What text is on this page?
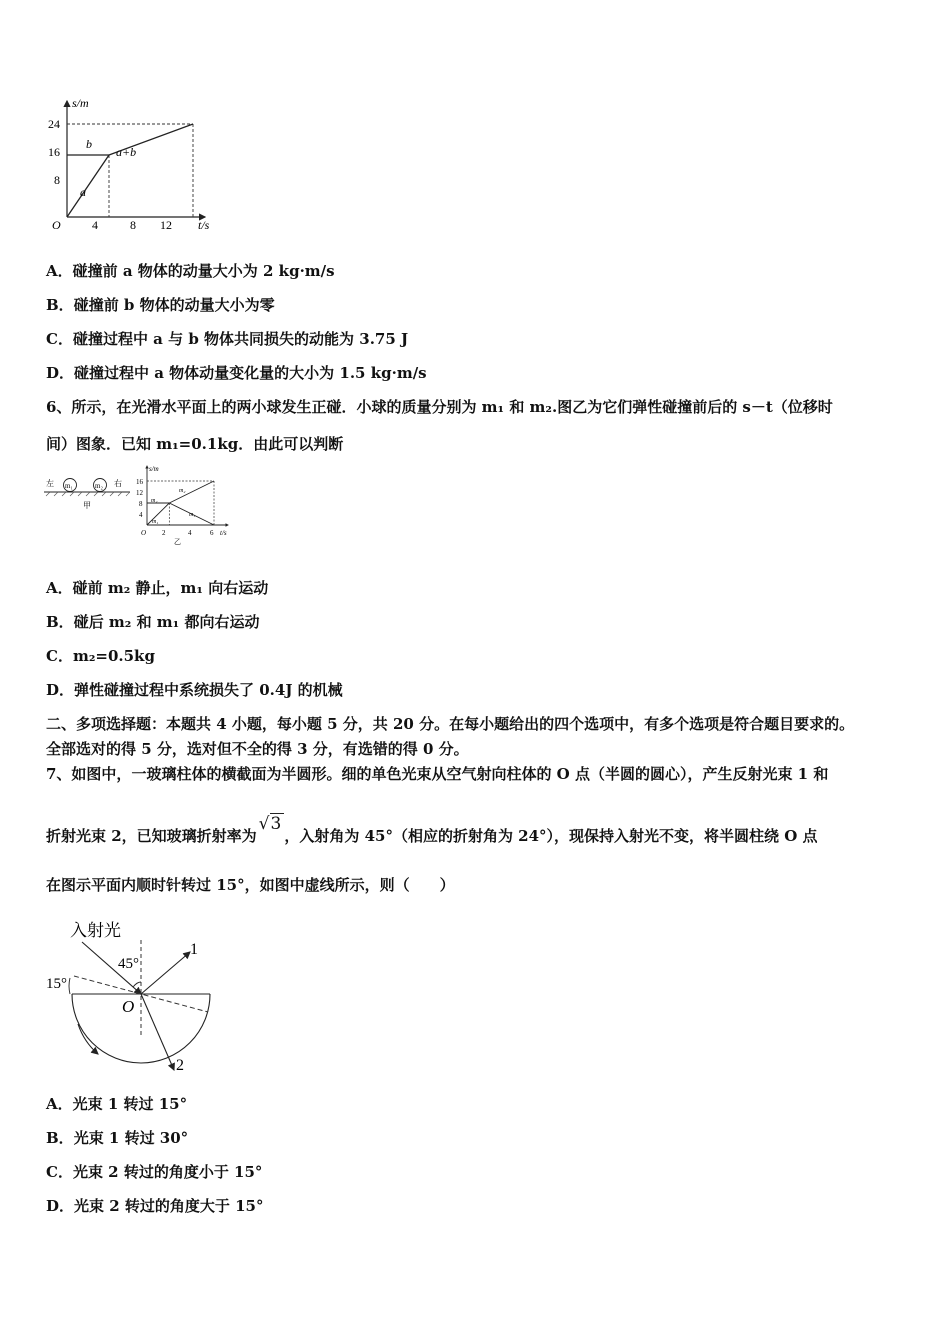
s/m
t/s
O
24
16
8
4	8 12
a
b
a+b
A．碰撞前 a 物体的动量大小为 2 kg·m/s
B．碰撞前 b 物体的动量大小为零
C．碰撞过程中 a 与 b 物体共同损失的动能为 3.75 J
D．碰撞过程中 a 物体动量变化量的大小为 1.5 kg·m/s
6、所示，在光滑水平面上的两小球发生正碰．小球的质量分别为 m₁ 和 m₂.图乙为它们弹性碰撞前后的 s－t（位移时
间）图象．已知 m₁=0.1kg．由此可以判断
左	右
m₁	m₂
甲
s/m
t/s
O
16
12
8
4
2	4	6
m₂
m₂
m₁
m₁
乙
A．碰前 m₂ 静止，m₁ 向右运动
B．碰后 m₂ 和 m₁ 都向右运动
C．m₂=0.5kg
D．弹性碰撞过程中系统损失了 0.4J 的机械
二、多项选择题：本题共 4 小题，每小题 5 分，共 20 分。在每小题给出的四个选项中，有多个选项是符合题目要求的。
全部选对的得 5 分，选对但不全的得 3 分，有选错的得 0 分。
7、如图中，一玻璃柱体的横截面为半圆形。细的单色光束从空气射向柱体的 O 点（半圆的圆心），产生反射光束 1 和
折射光束 2，已知玻璃折射率为√3，入射角为 45°（相应的折射角为 24°），现保持入射光不变，将半圆柱绕 O 点
在图示平面内顺时针转过 15°，如图中虚线所示，则（　　）
入射光
45°
1
15°
O
2
A．光束 1 转过 15°
B．光束 1 转过 30°
C．光束 2 转过的角度小于 15°
D．光束 2 转过的角度大于 15°
